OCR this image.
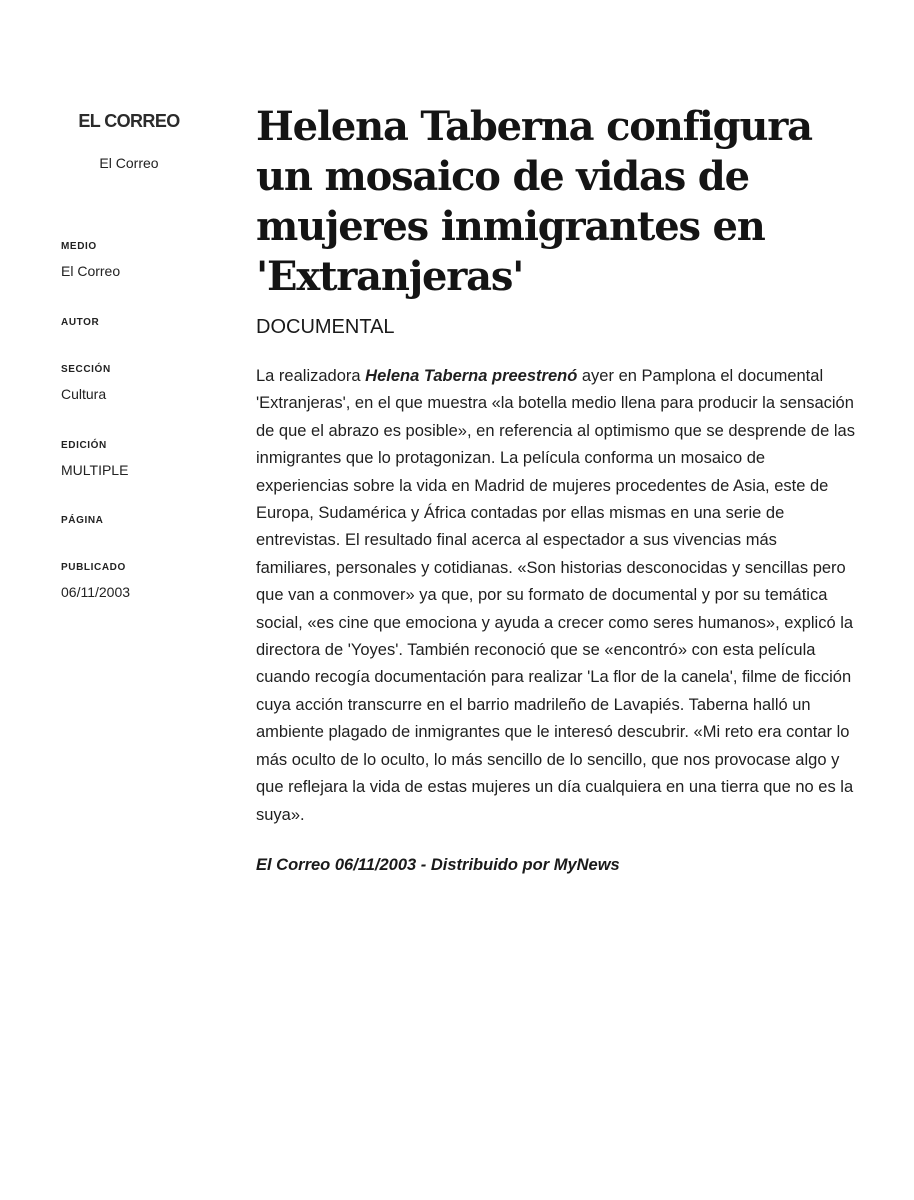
EL CORREO
El Correo
MEDIO
El Correo
AUTOR
SECCIÓN
Cultura
EDICIÓN
MULTIPLE
PÁGINA
PUBLICADO
06/11/2003
Helena Taberna configura un mosaico de vidas de mujeres inmigrantes en 'Extranjeras'
DOCUMENTAL

La realizadora Helena Taberna preestrenó ayer en Pamplona el documental 'Extranjeras', en el que muestra «la botella medio llena para producir la sensación de que el abrazo es posible», en referencia al optimismo que se desprende de las inmigrantes que lo protagonizan. La película conforma un mosaico de experiencias sobre la vida en Madrid de mujeres procedentes de Asia, este de Europa, Sudamérica y África contadas por ellas mismas en una serie de entrevistas. El resultado final acerca al espectador a sus vivencias más familiares, personales y cotidianas. «Son historias desconocidas y sencillas pero que van a conmover» ya que, por su formato de documental y por su temática social, «es cine que emociona y ayuda a crecer como seres humanos», explicó la directora de 'Yoyes'. También reconoció que se «encontró» con esta película cuando recogía documentación para realizar 'La flor de la canela', filme de ficción cuya acción transcurre en el barrio madrileño de Lavapiés. Taberna halló un ambiente plagado de inmigrantes que le interesó descubrir. «Mi reto era contar lo más oculto de lo oculto, lo más sencillo de lo sencillo, que nos provocase algo y que reflejara la vida de estas mujeres un día cualquiera en una tierra que no es la suya».

El Correo 06/11/2003 - Distribuido por MyNews
